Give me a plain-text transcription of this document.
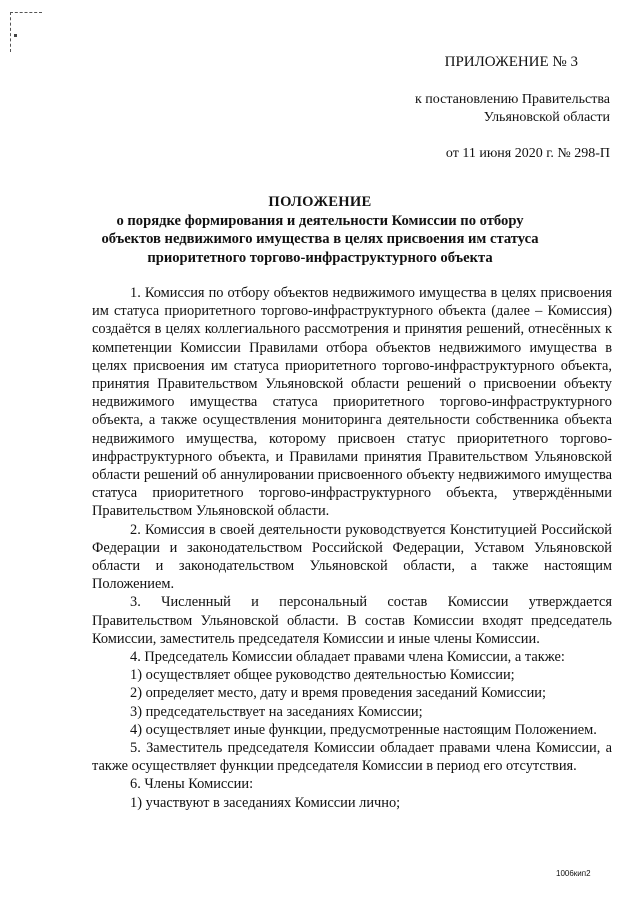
ПРИЛОЖЕНИЕ № 3
к постановлению Правительства
Ульяновской области
от 11 июня 2020 г. № 298-П
ПОЛОЖЕНИЕ
о порядке формирования и деятельности Комиссии по отбору объектов недвижимого имущества в целях присвоения им статуса приоритетного торгово-инфраструктурного объекта

1. Комиссия по отбору объектов недвижимого имущества в целях присвоения им статуса приоритетного торгово-инфраструктурного объекта (далее – Комиссия) создаётся в целях коллегиального рассмотрения и принятия решений, отнесённых к компетенции Комиссии Правилами отбора объектов недвижимого имущества в целях присвоения им статуса приоритетного торгово-инфраструктурного объекта, принятия Правительством Ульяновской области решений о присвоении объекту недвижимого имущества статуса приоритетного торгово-инфраструктурного объекта, а также осуществления мониторинга деятельности собственника объекта недвижимого имущества, которому присвоен статус приоритетного торгово-инфраструктурного объекта, и Правилами принятия Правительством Ульяновской области решений об аннулировании присвоенного объекту недвижимого имущества статуса приоритетного торгово-инфраструктурного объекта, утверждёнными Правительством Ульяновской области.

2. Комиссия в своей деятельности руководствуется Конституцией Российской Федерации и законодательством Российской Федерации, Уставом Ульяновской области и законодательством Ульяновской области, а также настоящим Положением.

3. Численный и персональный состав Комиссии утверждается Правительством Ульяновской области. В состав Комиссии входят председатель Комиссии, заместитель председателя Комиссии и иные члены Комиссии.

4. Председатель Комиссии обладает правами члена Комиссии, а также:

1) осуществляет общее руководство деятельностью Комиссии;

2) определяет место, дату и время проведения заседаний Комиссии;

3) председательствует на заседаниях Комиссии;

4) осуществляет иные функции, предусмотренные настоящим Положением.

5. Заместитель председателя Комиссии обладает правами члена Комиссии, а также осуществляет функции председателя Комиссии в период его отсутствия.

6. Члены Комиссии:

1) участвуют в заседаниях Комиссии лично;

1006кип2
